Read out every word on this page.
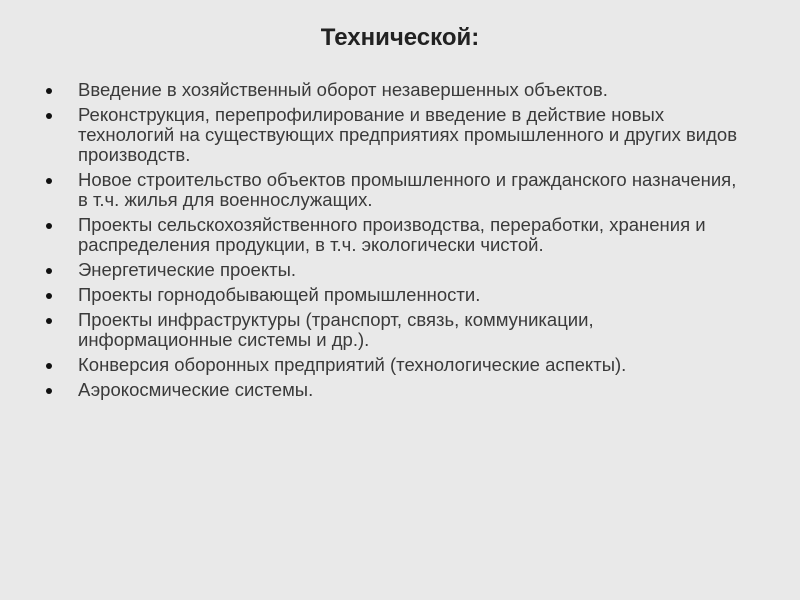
Технической:
Введение в хозяйственный оборот незавершенных объектов.
Реконструкция, перепрофилирование и введение в действие новых технологий на существующих предприятиях промышленного и других видов производств.
Новое строительство объектов промышленного и гражданского назначения, в т.ч. жилья для военнослужащих.
Проекты сельскохозяйственного производства, переработки, хранения и распределения продукции, в т.ч. экологически чистой.
Энергетические проекты.
Проекты горнодобывающей промышленности.
Проекты инфраструктуры (транспорт, связь, коммуникации, информационные системы и др.).
Конверсия оборонных предприятий (технологические аспекты).
Аэрокосмические системы.
